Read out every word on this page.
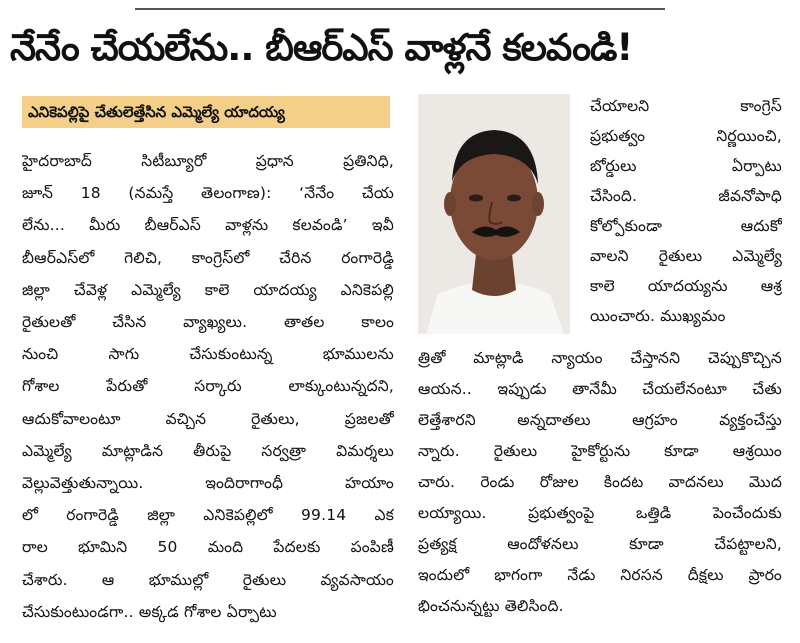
నేనేం చేయలేను.. బీఆర్‌ఎస్‌ వాళ్లనే కలవండి!
ఎనికెపల్లిపై చేతులెత్తేసిన ఎమ్మెల్యే యాదయ్య
హైదరాబాద్‌ సిటీబ్యూరో ప్రధాన ప్రతినిధి,
జూన్‌ 18 (నమస్తే తెలంగాణ): ‘నేనేం చేయ
లేను... మీరు బీఆర్‌ఎస్‌ వాళ్లను కలవండి’ ఇవీ
బీఆర్‌ఎస్‌లో గెలిచి, కాంగ్రెస్‌లో చేరిన రంగారెడ్డి
జిల్లా చేవెళ్ల ఎమ్మెల్యే కాలె యాదయ్య ఎనికెపల్లి
రైతులతో చేసిన వ్యాఖ్యలు. తాతల కాలం
నుంచి సాగు చేసుకుంటున్న భూములను
గోశాల పేరుతో సర్కారు లాక్కుంటున్నదని,
ఆదుకోవాలంటూ వచ్చిన రైతులు, ప్రజలతో
ఎమ్మెల్యే మాట్లాడిన తీరుపై సర్వత్రా విమర్శలు
వెల్లువెత్తుతున్నాయి. ఇందిరాగాంధీ హయాం
లో రంగారెడ్డి జిల్లా ఎనికెపల్లిలో 99.14 ఎక
రాల భూమిని 50 మంది పేదలకు పంపిణీ
చేశారు. ఆ భూముల్లో రైతులు వ్యవసాయం
చేసుకుంటుండగా.. అక్కడ గోశాల ఏర్పాటు
చేయాలని కాంగ్రెస్‌
ప్రభుత్వం నిర్ణయించి,
బోర్డులు ఏర్పాటు
చేసింది. జీవనోపాధి
కోల్పోకుండా ఆదుకో
వాలని రైతులు ఎమ్మెల్యే
కాలె యాదయ్యను ఆశ్ర
యించారు. ముఖ్యమం
త్రితో మాట్లాడి న్యాయం చేస్తానని చెప్పుకొచ్చిన
ఆయన.. ఇప్పుడు తానేమీ చేయలేనంటూ చేతు
లెత్తేశారని అన్నదాతలు ఆగ్రహం వ్యక్తంచేస్తు
న్నారు. రైతులు హైకోర్టును కూడా ఆశ్రయిం
చారు. రెండు రోజుల కిందట వాదనలు మొద
లయ్యాయి. ప్రభుత్వంపై ఒత్తిడి పెంచేందుకు
ప్రత్యక్ష ఆందోళనలు కూడా చేపట్టాలని,
ఇందులో భాగంగా నేడు నిరసన దీక్షలు ప్రారం
భించనున్నట్టు తెలిసింది.
